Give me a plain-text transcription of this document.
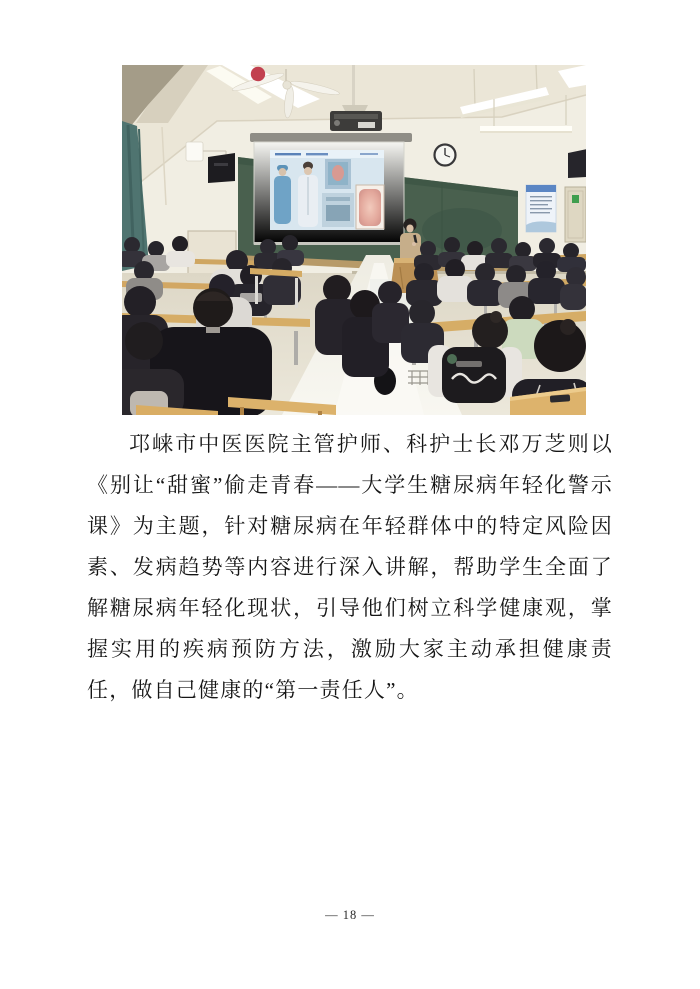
邛崃市中医医院主管护师、科护士长邓万芝则以《别让“甜蜜”偷走青春——大学生糖尿病年轻化警示课》为主题，针对糖尿病在年轻群体中的特定风险因素、发病趋势等内容进行深入讲解，帮助学生全面了解糖尿病年轻化现状，引导他们树立科学健康观，掌握实用的疾病预防方法，激励大家主动承担健康责任，做自己健康的“第一责任人”。

— 18 —
